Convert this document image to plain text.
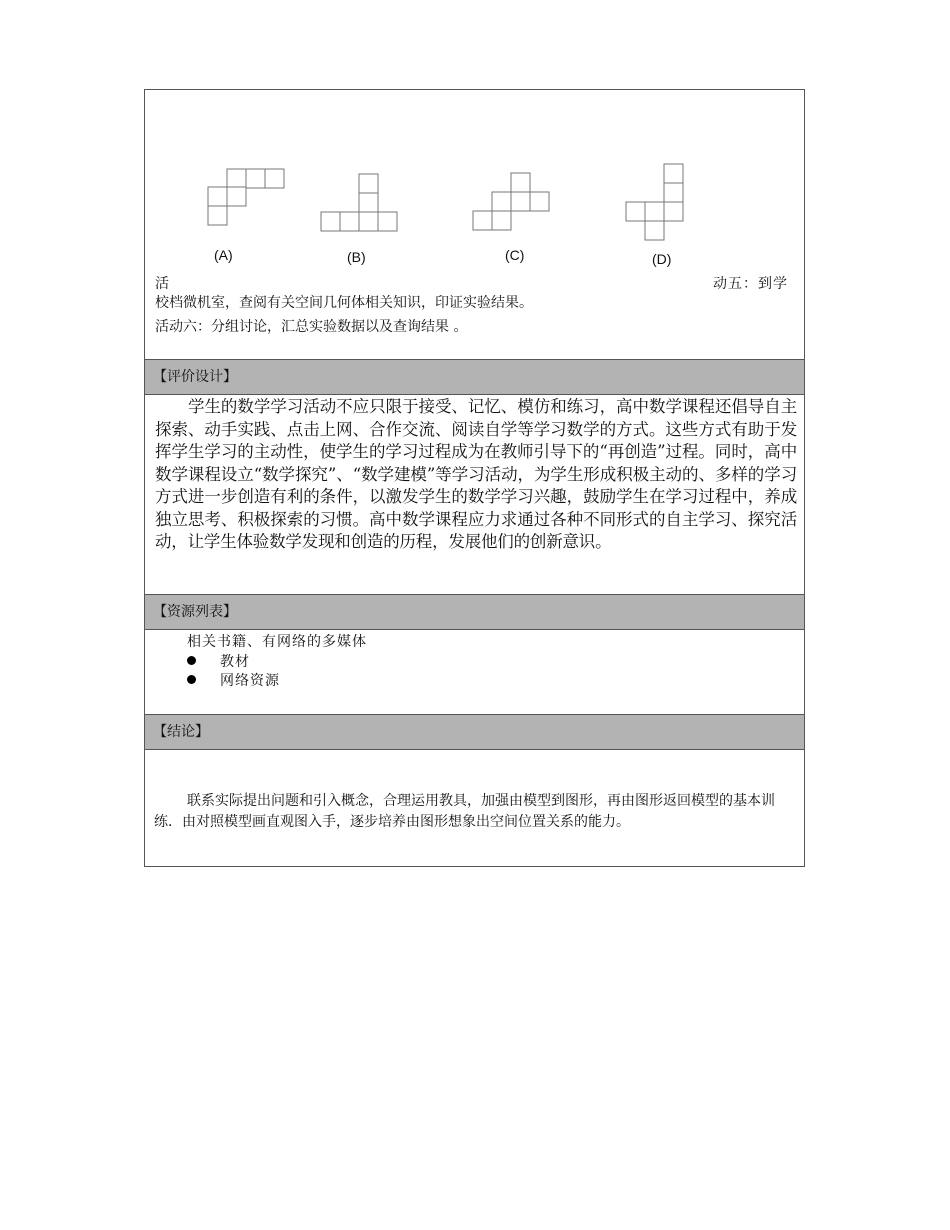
(A)	(B)	(C)	(D)
活	动五：到学
校档微机室，查阅有关空间几何体相关知识，印证实验结果。
活动六：分组讨论，汇总实验数据以及查询结果 。
【评价设计】
学生的数学学习活动不应只限于接受、记忆、模仿和练习，高中数学课程还倡导自主探索、动手实践、点击上网、合作交流、阅读自学等学习数学的方式。这些方式有助于发挥学生学习的主动性，使学生的学习过程成为在教师引导下的“再创造”过程。同时，高中数学课程设立“数学探究”、“数学建模”等学习活动，为学生形成积极主动的、多样的学习方式进一步创造有利的条件，以激发学生的数学学习兴趣，鼓励学生在学习过程中，养成独立思考、积极探索的习惯。高中数学课程应力求通过各种不同形式的自主学习、探究活动，让学生体验数学发现和创造的历程，发展他们的创新意识。
【资源列表】
相关书籍、有网络的多媒体
教材
网络资源
【结论】
联系实际提出问题和引入概念，合理运用教具，加强由模型到图形，再由图形返回模型的基本训练．由对照模型画直观图入手，逐步培养由图形想象出空间位置关系的能力。
